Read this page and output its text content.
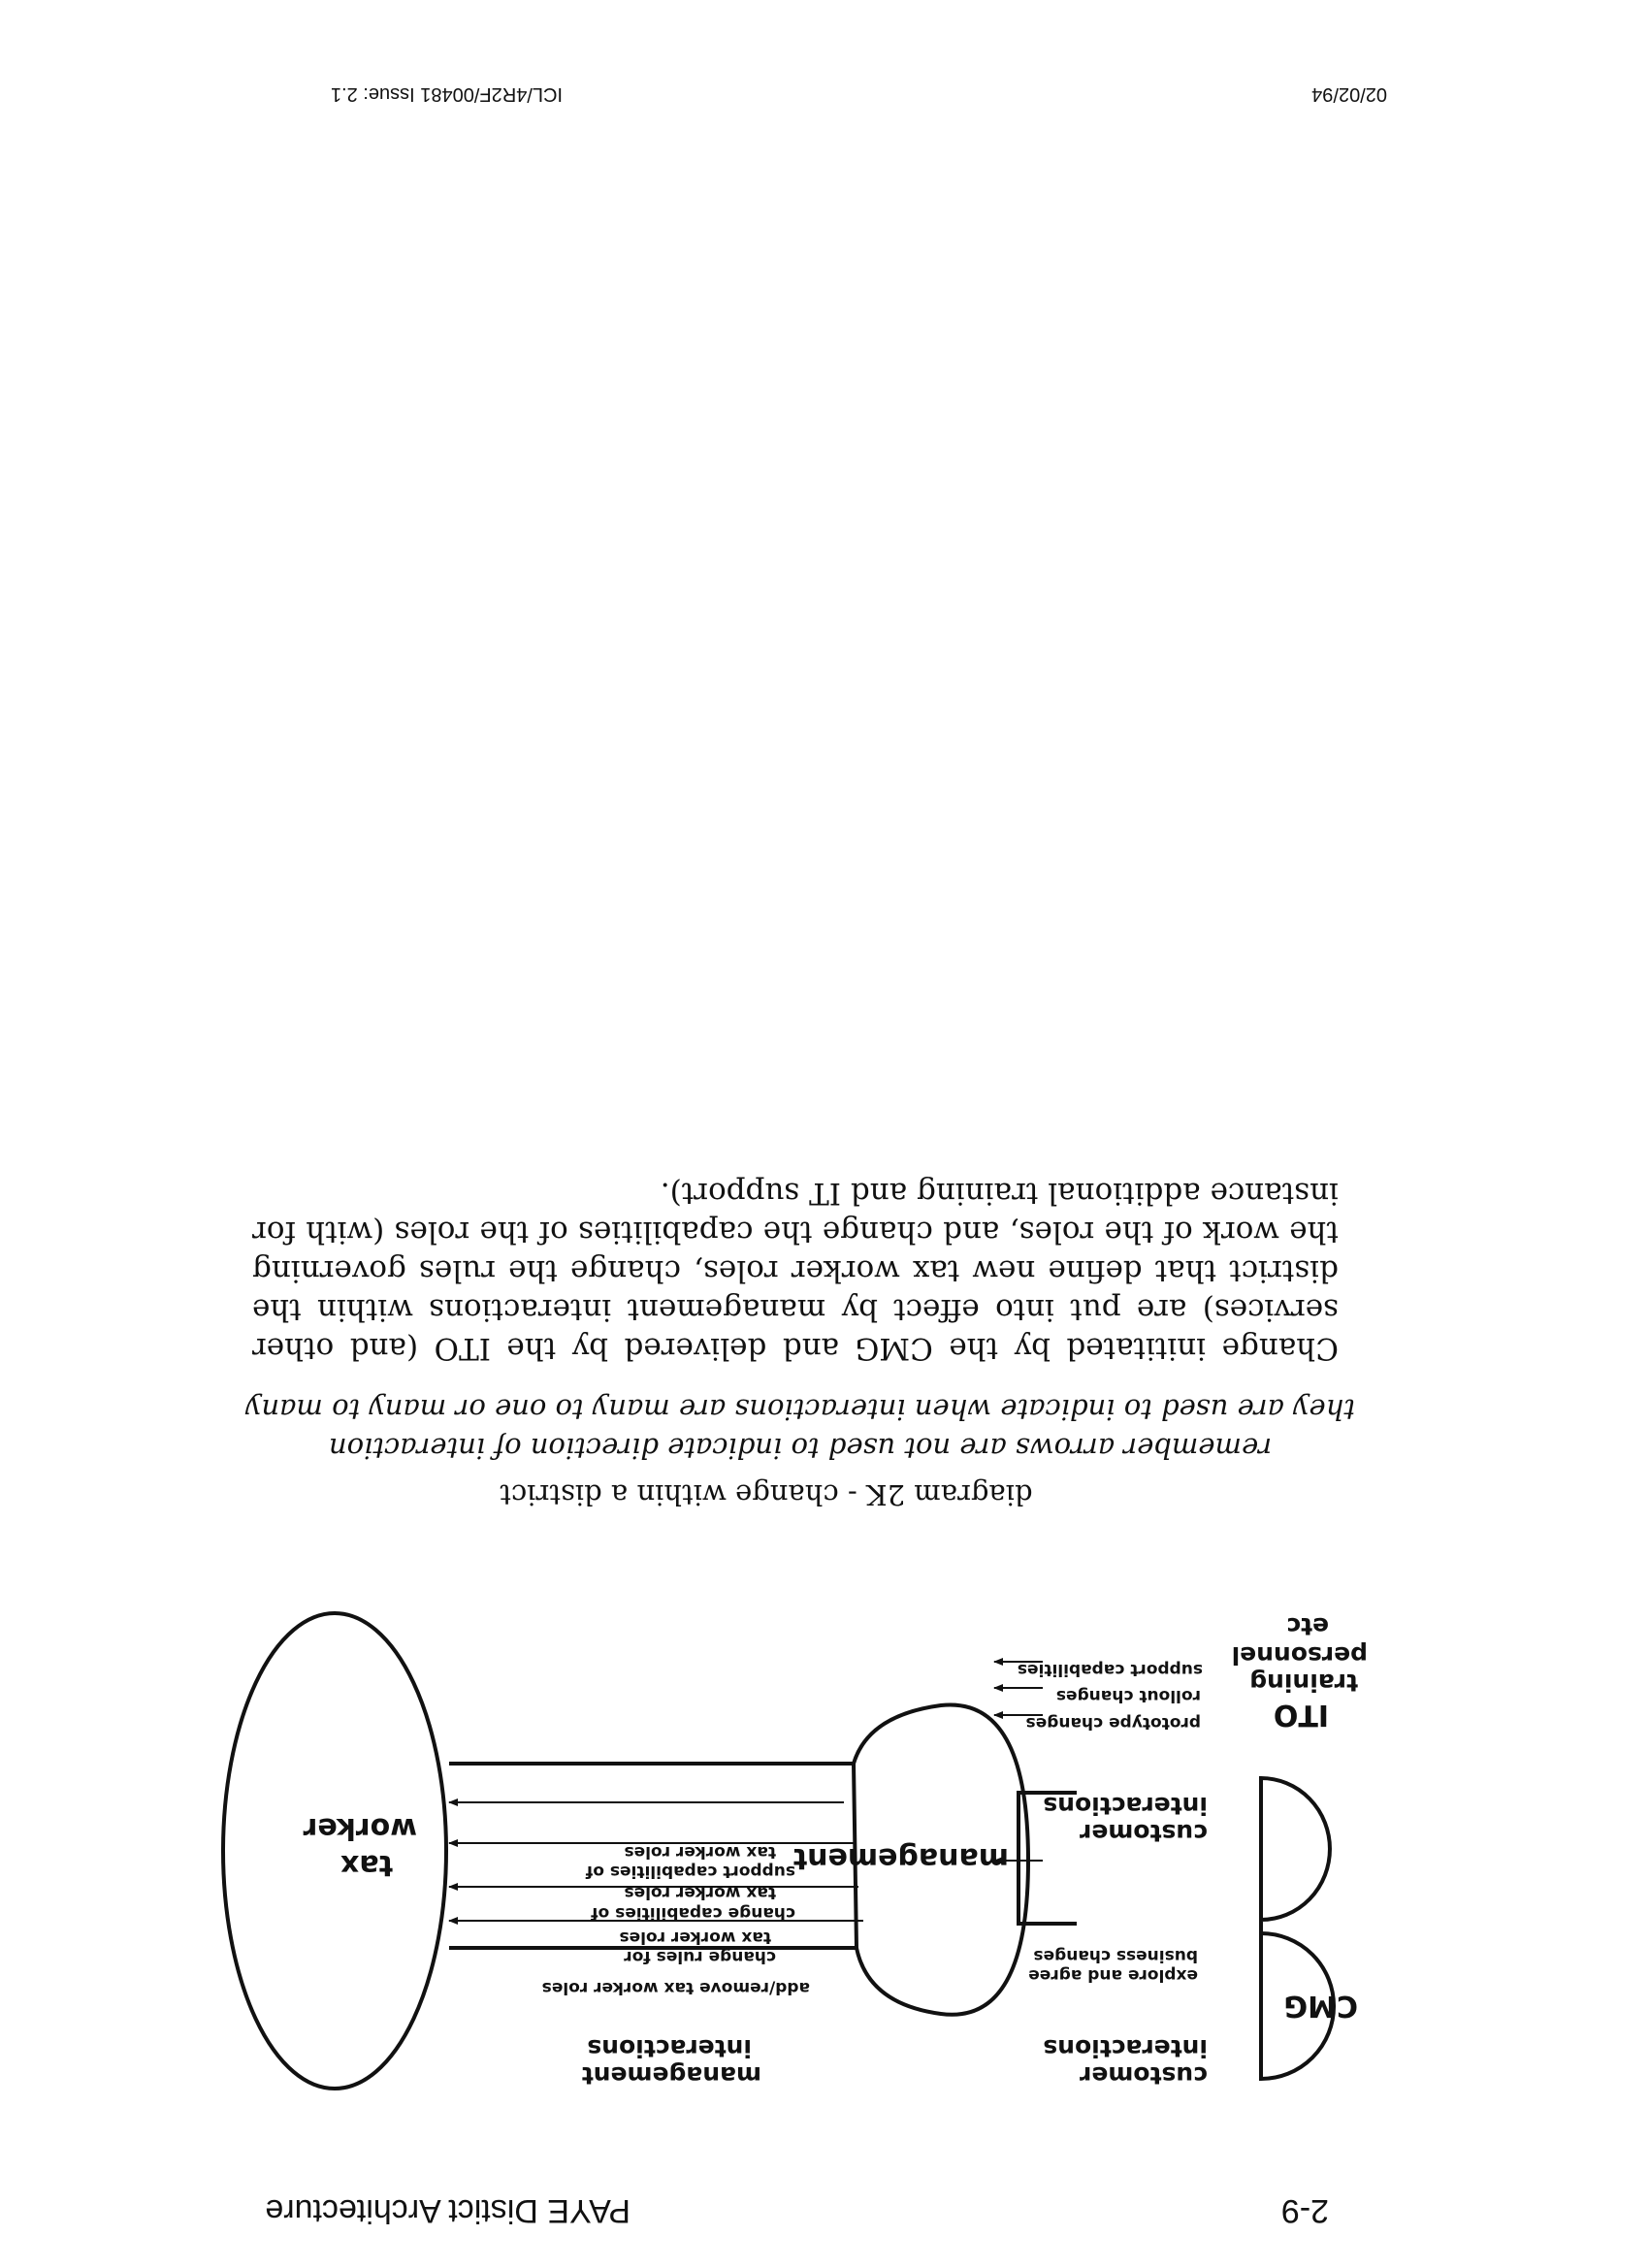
2-9
PAYE Distict Architecture
CMG
ITO
training
personnel
etc
management
tax
worker
customer
interactions
customer
interactions
management
interactions
explore and agree
business changes
prototype changes
rollout changes
support capabilities
add/remove tax worker roles
change rules for
tax worker roles
change capabilities of
tax worker roles
support capabilities of
tax worker roles
diagram 2K - change within a district
remember arrows are not used to indicate direction of interaction
they are used to indicate when interactions are many to one or many to many
Change inititated by the CMG and delivered by the ITO (and other services) are put into effect by management interactions within the district that define new tax worker roles, change the rules governing the work of the roles, and change the capabilities of the roles (with for instance additional training and IT support).
02/02/94
ICL/4R2F/00481 Issue: 2.1
